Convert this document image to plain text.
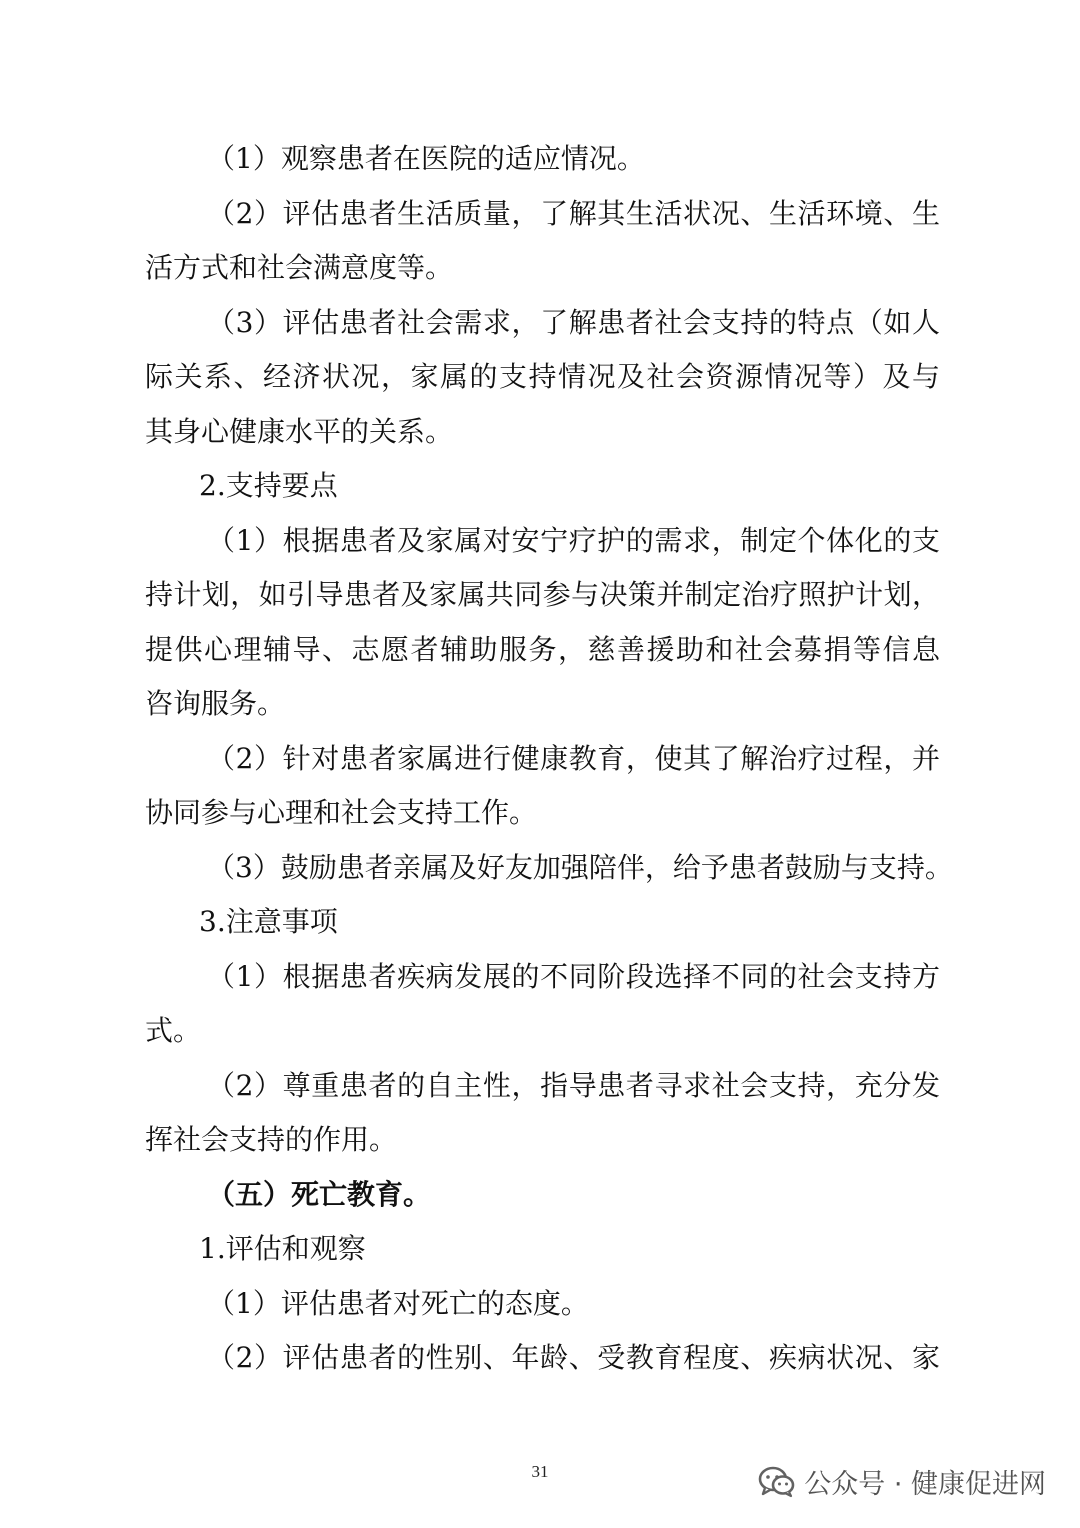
（1）观察患者在医院的适应情况。
（2）评估患者生活质量，了解其生活状况、生活环境、生
活方式和社会满意度等。
（3）评估患者社会需求，了解患者社会支持的特点（如人
际关系、经济状况，家属的支持情况及社会资源情况等）及与
其身心健康水平的关系。
2.支持要点
（1）根据患者及家属对安宁疗护的需求，制定个体化的支
持计划，如引导患者及家属共同参与决策并制定治疗照护计划，
提供心理辅导、志愿者辅助服务，慈善援助和社会募捐等信息
咨询服务。
（2）针对患者家属进行健康教育，使其了解治疗过程，并
协同参与心理和社会支持工作。
（3）鼓励患者亲属及好友加强陪伴，给予患者鼓励与支持。
3.注意事项
（1）根据患者疾病发展的不同阶段选择不同的社会支持方
式。
（2）尊重患者的自主性，指导患者寻求社会支持，充分发
挥社会支持的作用。
（五）死亡教育。
1.评估和观察
（1）评估患者对死亡的态度。
（2）评估患者的性别、年龄、受教育程度、疾病状况、家
31	公众号 · 健康促进网
